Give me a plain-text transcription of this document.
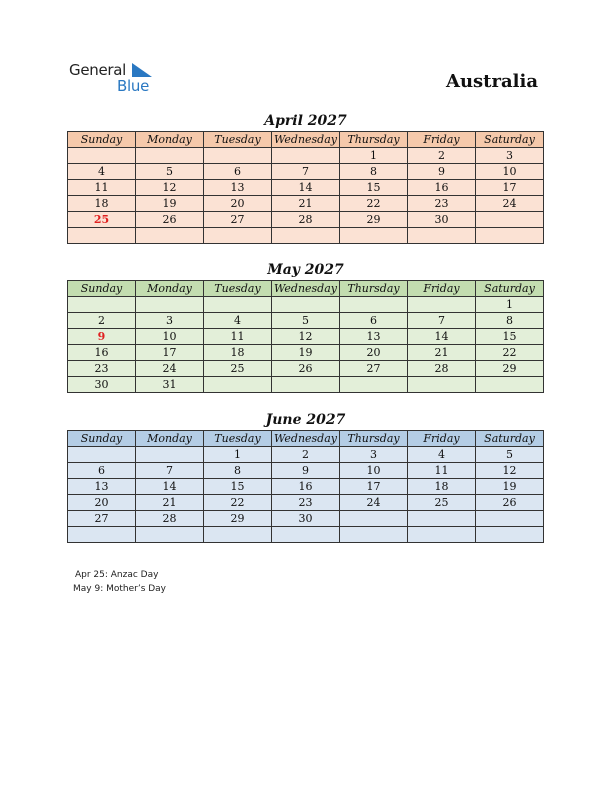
General
Blue	Australia
April 2027
Sunday	Monday	Tuesday	Wednesday	Thursday	Friday	Saturday
				1	2	3
4	5	6	7	8	9	10
11	12	13	14	15	16	17
18	19	20	21	22	23	24
25	26	27	28	29	30	

May 2027
Sunday	Monday	Tuesday	Wednesday	Thursday	Friday	Saturday
						1
2	3	4	5	6	7	8
9	10	11	12	13	14	15
16	17	18	19	20	21	22
23	24	25	26	27	28	29
30	31					
June 2027
Sunday	Monday	Tuesday	Wednesday	Thursday	Friday	Saturday
		1	2	3	4	5
6	7	8	9	10	11	12
13	14	15	16	17	18	19
20	21	22	23	24	25	26
27	28	29	30			

Apr 25: Anzac Day
May 9: Mother’s Day
